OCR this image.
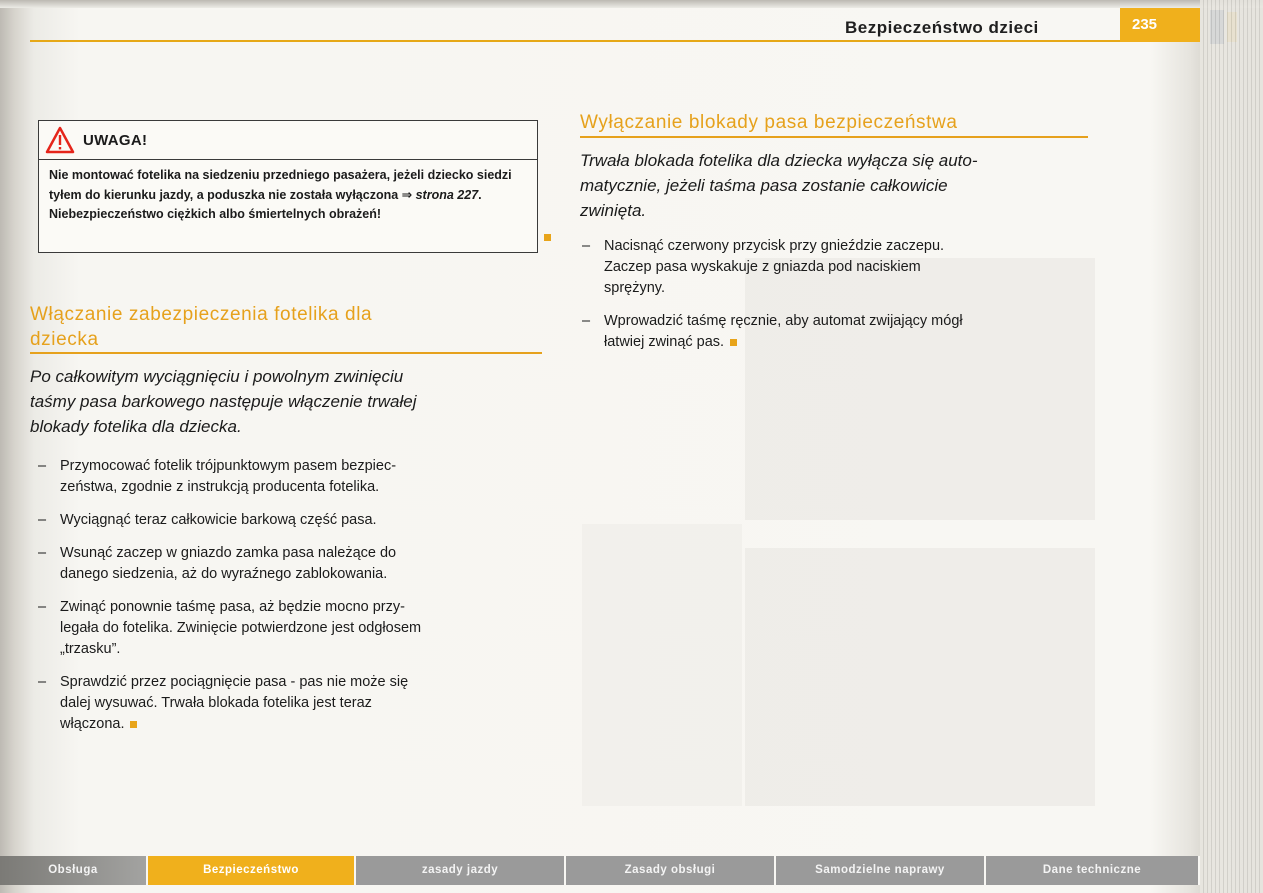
Bezpieczeństwo dzieci	235
UWAGA!
Nie montować fotelika na siedzeniu przedniego pasażera, jeżeli dziecko siedzi tyłem do kierunku jazdy, a poduszka nie została wyłączona ⇒ strona 227. Niebezpieczeństwo ciężkich albo śmiertelnych obrażeń!
Włączanie zabezpieczenia fotelika dla
dziecka
Po całkowitym wyciągnięciu i powolnym zwinięciu
taśmy pasa barkowego następuje włączenie trwałej
blokady fotelika dla dziecka.
– Przymocować fotelik trójpunktowym pasem bezpiec-
zeństwa, zgodnie z instrukcją producenta fotelika.
– Wyciągnąć teraz całkowicie barkową część pasa.
– Wsunąć zaczep w gniazdo zamka pasa należące do
danego siedzenia, aż do wyraźnego zablokowania.
– Zwinąć ponownie taśmę pasa, aż będzie mocno przy-
legała do fotelika. Zwinięcie potwierdzone jest odgłosem
„trzasku”.
– Sprawdzić przez pociągnięcie pasa - pas nie może się
dalej wysuwać. Trwała blokada fotelika jest teraz
włączona.
Wyłączanie blokady pasa bezpieczeństwa
Trwała blokada fotelika dla dziecka wyłącza się auto-
matycznie, jeżeli taśma pasa zostanie całkowicie
zwinięta.
– Nacisnąć czerwony przycisk przy gnieździe zaczepu.
Zaczep pasa wyskakuje z gniazda pod naciskiem
sprężyny.
– Wprowadzić taśmę ręcznie, aby automat zwijający mógł
łatwiej zwinąć pas.
Obsługa	Bezpieczeństwo	zasady jazdy	Zasady obsługi	Samodzielne naprawy	Dane techniczne
